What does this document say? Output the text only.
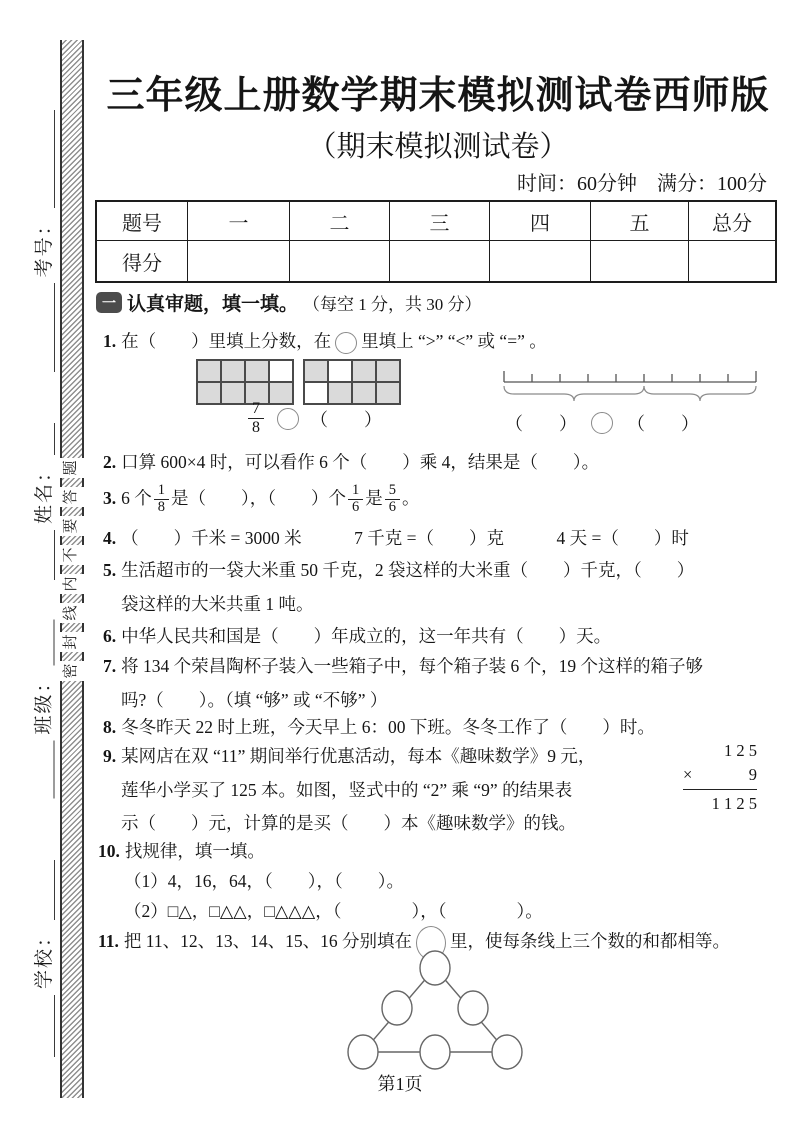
考号：
姓名：
班级：
学校：
题
答
要
不
内
线
封
密
三年级上册数学期末模拟测试卷西师版
（期末模拟测试卷）
时间：60分钟　满分：100分
题号	一	二	三	四	五	总分
得分						
一 认真审题，填一填。 （每空 1 分，共 30 分）
1. 在（　　）里填上分数，在 里填上 “>” “<” 或 “=” 。
$\frac{7}{8}$	（　　）	（　　）	（　　）
2. 口算 600×4 时，可以看作 6 个（　　）乘 4，结果是（　　）。
3. 6 个 $\frac{1}{8}$ 是（　　），（　　）个 $\frac{1}{6}$ 是 $\frac{5}{6}$ 。
4. （　　）千米 = 3000 米　　　7 千克 =（　　）克　　　4 天 =（　　）时
5. 生活超市的一袋大米重 50 千克，2 袋这样的大米重（　　）千克，（　　）
袋这样的大米共重 1 吨。
6. 中华人民共和国是（　　）年成立的，这一年共有（　　）天。
7. 将 134 个荣昌陶杯子装入一些箱子中，每个箱子装 6 个，19 个这样的箱子够
吗?（　　）。（填 “够” 或 “不够” ）
8. 冬冬昨天 22 时上班，今天早上 6：00 下班。冬冬工作了（　　）时。
9. 某网店在双 “11” 期间举行优惠活动，每本《趣味数学》9 元，
莲华小学买了 125 本。如图，竖式中的 “2” 乘 “9” 的结果表
示（　　）元，计算的是买（　　）本《趣味数学》的钱。
1 2 5
×	9
1 1 2 5
10. 找规律，填一填。
（1）4，16，64，（　　），（　　）。
（2）□△，□△△，□△△△，（　　　　），（　　　　）。
11. 把 11、12、13、14、15、16 分别填在 里，使每条线上三个数的和都相等。
第1页
